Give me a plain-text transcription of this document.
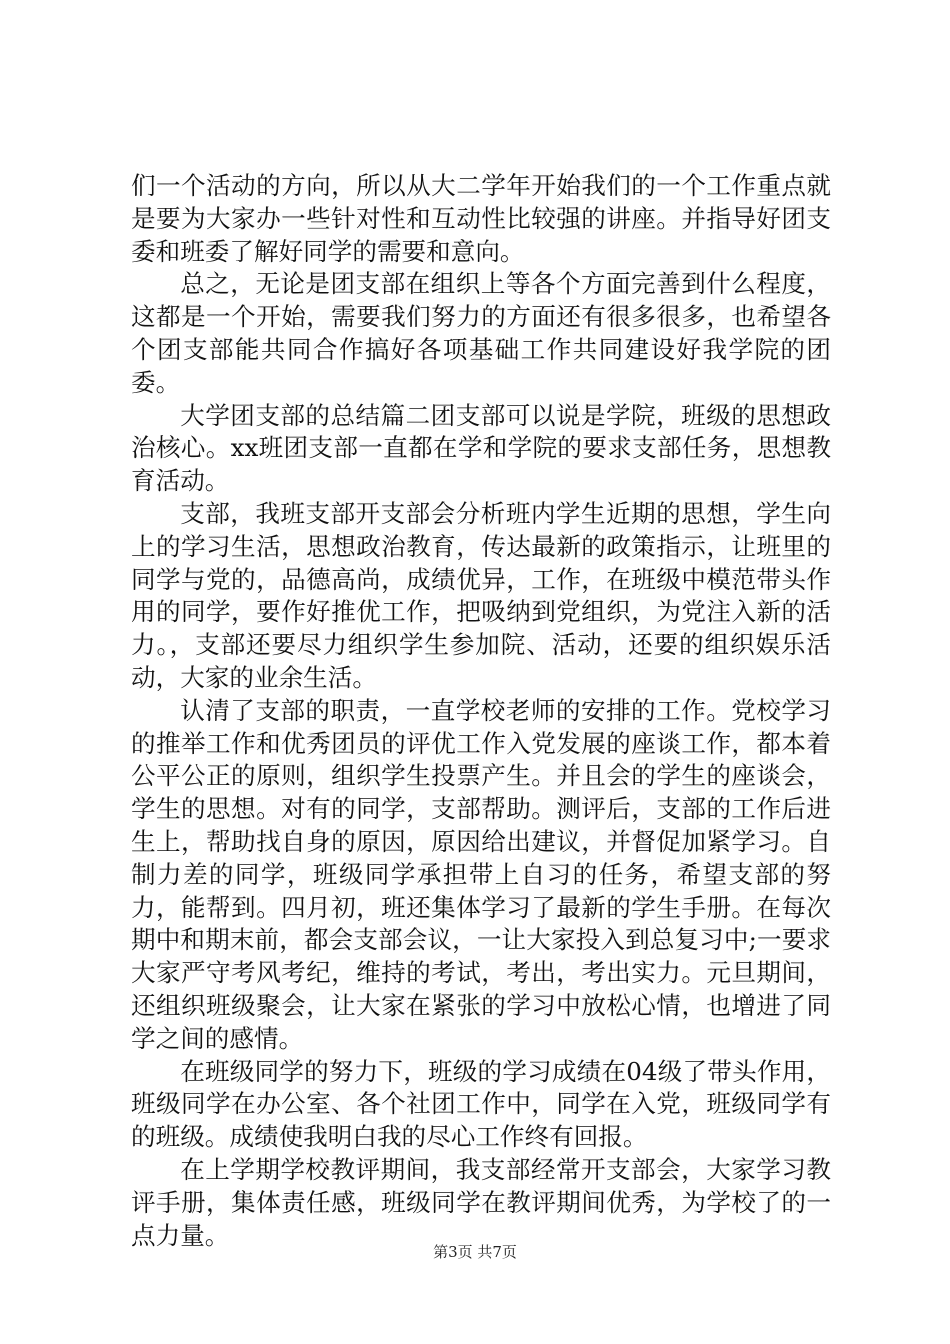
们一个活动的方向，所以从大二学年开始我们的一个工作重点就是要为大家办一些针对性和互动性比较强的讲座。并指导好团支委和班委了解好同学的需要和意向。

总之，无论是团支部在组织上等各个方面完善到什么程度，这都是一个开始，需要我们努力的方面还有很多很多，也希望各个团支部能共同合作搞好各项基础工作共同建设好我学院的团委。

大学团支部的总结篇二团支部可以说是学院，班级的思想政治核心。xx班团支部一直都在学和学院的要求支部任务，思想教育活动。

支部，我班支部开支部会分析班内学生近期的思想，学生向上的学习生活，思想政治教育，传达最新的政策指示，让班里的同学与党的，品德高尚，成绩优异，工作，在班级中模范带头作用的同学，要作好推优工作，把吸纳到党组织，为党注入新的活力。，支部还要尽力组织学生参加院、活动，还要的组织娱乐活动，大家的业余生活。

认清了支部的职责，一直学校老师的安排的工作。党校学习的推举工作和优秀团员的评优工作入党发展的座谈工作，都本着公平公正的原则，组织学生投票产生。并且会的学生的座谈会，学生的思想。对有的同学，支部帮助。测评后，支部的工作后进生上，帮助找自身的原因，原因给出建议，并督促加紧学习。自制力差的同学，班级同学承担带上自习的任务，希望支部的努力，能帮到。四月初，班还集体学习了最新的学生手册。在每次期中和期末前，都会支部会议，一让大家投入到总复习中;一要求大家严守考风考纪，维持的考试，考出，考出实力。元旦期间，还组织班级聚会，让大家在紧张的学习中放松心情，也增进了同学之间的感情。

在班级同学的努力下，班级的学习成绩在04级了带头作用，班级同学在办公室、各个社团工作中，同学在入党，班级同学有的班级。成绩使我明白我的尽心工作终有回报。

在上学期学校教评期间，我支部经常开支部会，大家学习教评手册，集体责任感，班级同学在教评期间优秀，为学校了的一点力量。

第3页 共7页
